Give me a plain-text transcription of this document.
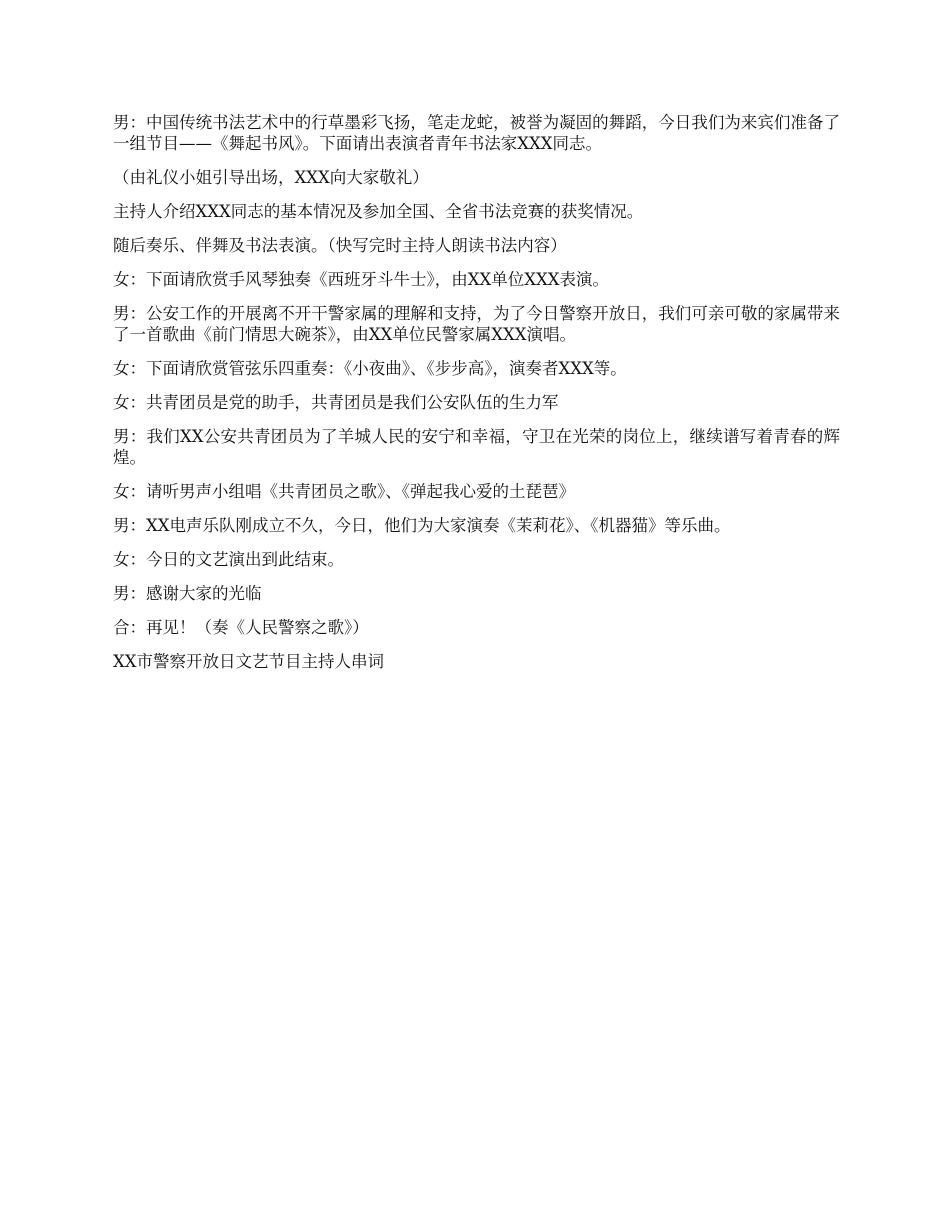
男：中国传统书法艺术中的行草墨彩飞扬，笔走龙蛇，被誉为凝固的舞蹈，今日我们为来宾们准备了一组节目——《舞起书风》。下面请出表演者青年书法家XXX同志。

（由礼仪小姐引导出场，XXX向大家敬礼）

主持人介绍XXX同志的基本情况及参加全国、全省书法竞赛的获奖情况。

随后奏乐、伴舞及书法表演。（快写完时主持人朗读书法内容）

女：下面请欣赏手风琴独奏《西班牙斗牛士》，由XX单位XXX表演。

男：公安工作的开展离不开干警家属的理解和支持，为了今日警察开放日，我们可亲可敬的家属带来了一首歌曲《前门情思大碗茶》，由XX单位民警家属XXX演唱。

女：下面请欣赏管弦乐四重奏：《小夜曲》、《步步高》，演奏者XXX等。

女：共青团员是党的助手，共青团员是我们公安队伍的生力军

男：我们XX公安共青团员为了羊城人民的安宁和幸福，守卫在光荣的岗位上，继续谱写着青春的辉煌。

女：请听男声小组唱《共青团员之歌》、《弹起我心爱的土琵琶》

男：XX电声乐队刚成立不久，今日，他们为大家演奏《茉莉花》、《机器猫》等乐曲。

女：今日的文艺演出到此结束。

男：感谢大家的光临

合：再见！（奏《人民警察之歌》）

XX市警察开放日文艺节目主持人串词
